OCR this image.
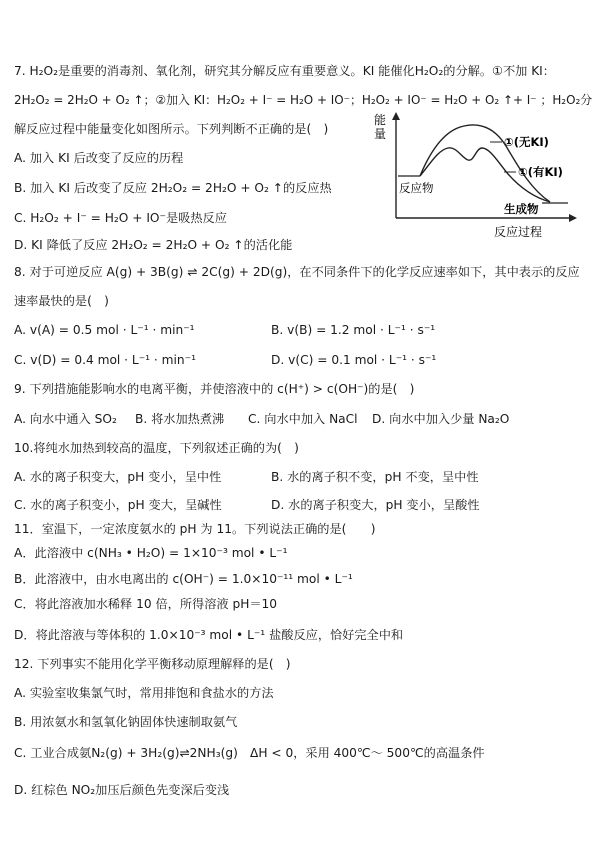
7. H₂O₂是重要的消毒剂、氧化剂，研究其分解反应有重要意义。KI 能催化H₂O₂的分解。①不加 KI：
2H₂O₂ = 2H₂O + O₂ ↑；②加入 KI：H₂O₂ + I⁻ = H₂O + IO⁻；H₂O₂ + IO⁻ = H₂O + O₂ ↑+ I⁻ ；H₂O₂分
解反应过程中能量变化如图所示。下列判断不正确的是(　)
A. 加入 KI 后改变了反应的历程
B. 加入 KI 后改变了反应 2H₂O₂ = 2H₂O + O₂ ↑的反应热
C. H₂O₂ + I⁻ = H₂O + IO⁻是吸热反应
D. KI 降低了反应 2H₂O₂ = 2H₂O + O₂ ↑的活化能
能
量
反应过程
反应物
①(无KI)
①(有KI)
生成物
8. 对于可逆反应 A(g) + 3B(g) ⇌ 2C(g) + 2D(g)，在不同条件下的化学反应速率如下，其中表示的反应
速率最快的是(　)
A. v(A) = 0.5 mol · L⁻¹ · min⁻¹	B. v(B) = 1.2 mol · L⁻¹ · s⁻¹
C. v(D) = 0.4 mol · L⁻¹ · min⁻¹	D. v(C) = 0.1 mol · L⁻¹ · s⁻¹
9. 下列措施能影响水的电离平衡，并使溶液中的 c(H⁺) > c(OH⁻)的是(　)
A. 向水中通入 SO₂ B. 将水加热煮沸 C. 向水中加入 NaCl D. 向水中加入少量 Na₂O
10.将纯水加热到较高的温度，下列叙述正确的为(　)
A. 水的离子积变大，pH 变小，呈中性	B. 水的离子积不变，pH 不变，呈中性
C. 水的离子积变小，pH 变大，呈碱性	D. 水的离子积变大，pH 变小，呈酸性
11．室温下，一定浓度氨水的 pH 为 11。下列说法正确的是(　　)
A．此溶液中 c(NH₃ • H₂O) = 1×10⁻³ mol • L⁻¹
B．此溶液中，由水电离出的 c(OH⁻) = 1.0×10⁻¹¹ mol • L⁻¹
C．将此溶液加水稀释 10 倍，所得溶液 pH＝10
D．将此溶液与等体积的 1.0×10⁻³ mol • L⁻¹ 盐酸反应，恰好完全中和
12. 下列事实不能用化学平衡移动原理解释的是(　)
A. 实验室收集氯气时，常用排饱和食盐水的方法
B. 用浓氨水和氢氧化钠固体快速制取氨气
C. 工业合成氨N₂(g) + 3H₂(g)⇌2NH₃(g)　ΔH < 0，采用 400℃～ 500℃的高温条件
D. 红棕色 NO₂加压后颜色先变深后变浅
